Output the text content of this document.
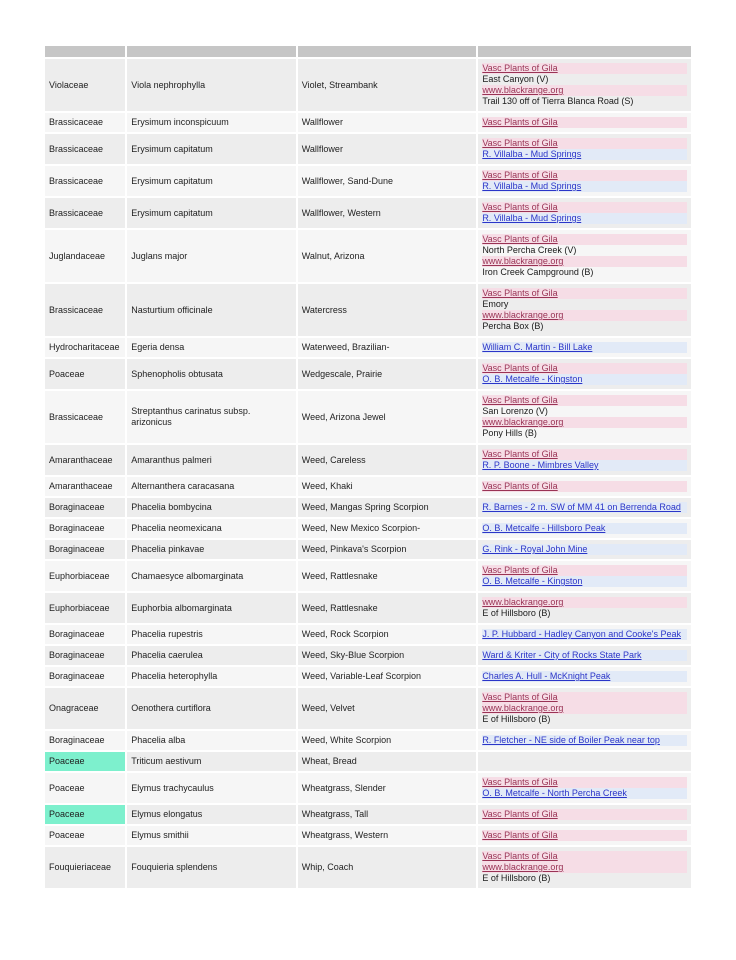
Violaceae	Viola nephrophylla	Violet, Streambank	Vasc Plants of Gila
East Canyon (V)
www.blackrange.org
Trail 130 off of Tierra Blanca Road (S)

Brassicaceae	Erysimum inconspicuum	Wallflower	Vasc Plants of Gila

Brassicaceae	Erysimum capitatum	Wallflower	Vasc Plants of Gila
R. Villalba - Mud Springs

Brassicaceae	Erysimum capitatum	Wallflower, Sand-Dune	Vasc Plants of Gila
R. Villalba - Mud Springs

Brassicaceae	Erysimum capitatum	Wallflower, Western	Vasc Plants of Gila
R. Villalba - Mud Springs

Juglandaceae	Juglans major	Walnut, Arizona	Vasc Plants of Gila
North Percha Creek (V)
www.blackrange.org
Iron Creek Campground (B)

Brassicaceae	Nasturtium officinale	Watercress	Vasc Plants of Gila
Emory
www.blackrange.org
Percha Box (B)

Hydrocharitaceae	Egeria densa	Waterweed, Brazilian-	William C. Martin - Bill Lake

Poaceae	Sphenopholis obtusata	Wedgescale, Prairie	Vasc Plants of Gila
O. B. Metcalfe - Kingston

Brassicaceae	Streptanthus carinatus subsp. arizonicus	Weed, Arizona Jewel	Vasc Plants of Gila
San Lorenzo (V)
www.blackrange.org
Pony Hills (B)

Amaranthaceae	Amaranthus palmeri	Weed, Careless	Vasc Plants of Gila
R. P. Boone - Mimbres Valley

Amaranthaceae	Alternanthera caracasana	Weed, Khaki	Vasc Plants of Gila

Boraginaceae	Phacelia bombycina	Weed, Mangas Spring Scorpion	R. Barnes - 2 m. SW of MM 41 on Berrenda Road

Boraginaceae	Phacelia neomexicana	Weed, New Mexico Scorpion-	O. B. Metcalfe - Hillsboro Peak

Boraginaceae	Phacelia pinkavae	Weed, Pinkava's Scorpion	G. Rink - Royal John Mine

Euphorbiaceae	Chamaesyce albomarginata	Weed, Rattlesnake	Vasc Plants of Gila
O. B. Metcalfe - Kingston

Euphorbiaceae	Euphorbia albomarginata	Weed, Rattlesnake	www.blackrange.org
E of Hillsboro (B)

Boraginaceae	Phacelia rupestris	Weed, Rock Scorpion	J. P. Hubbard - Hadley Canyon and Cooke's Peak

Boraginaceae	Phacelia caerulea	Weed, Sky-Blue Scorpion	Ward & Kriter - City of Rocks State Park

Boraginaceae	Phacelia heterophylla	Weed, Variable-Leaf Scorpion	Charles A. Hull - McKnight Peak

Onagraceae	Oenothera curtiflora	Weed, Velvet	Vasc Plants of Gila
www.blackrange.org
E of Hillsboro (B)

Boraginaceae	Phacelia alba	Weed, White Scorpion	R. Fletcher - NE side of Boiler Peak near top

Poaceae	Triticum aestivum	Wheat, Bread	
Poaceae	Elymus trachycaulus	Wheatgrass, Slender	Vasc Plants of Gila
O. B. Metcalfe - North Percha Creek

Poaceae	Elymus elongatus	Wheatgrass, Tall	Vasc Plants of Gila

Poaceae	Elymus smithii	Wheatgrass, Western	Vasc Plants of Gila

Fouquieriaceae	Fouquieria splendens	Whip, Coach	Vasc Plants of Gila
www.blackrange.org
E of Hillsboro (B)
